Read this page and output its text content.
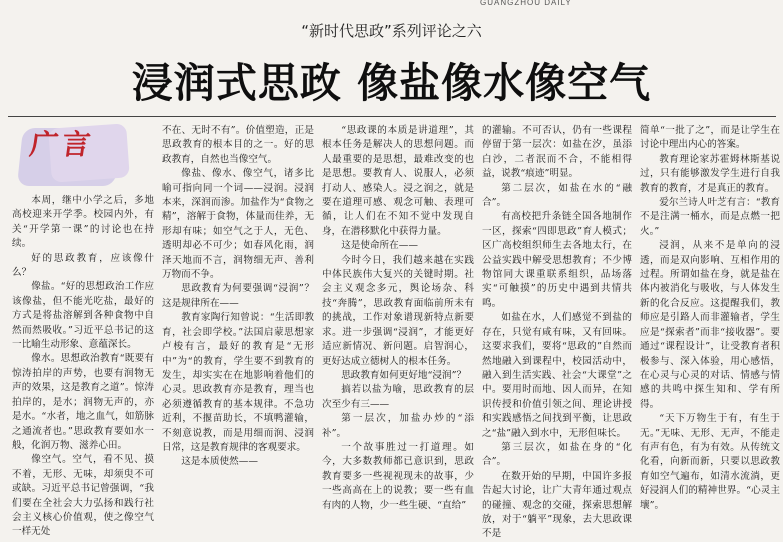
GUANGZHOU DAILY
“新时代思政”系列评论之六
浸润式思政 像盐像水像空气
广言

本周，继中小学之后，多地高校迎来开学季。校园内外，有关“开学第一课”的讨论也在持续。

好的思政教育，应该像什么？

像盐。“好的思想政治工作应该像盐，但不能光吃盐，最好的方式是将盐溶解到各种食物中自然而然吸收。”习近平总书记的这一比喻生动形象、意蕴深长。

像水。思想政治教育“既要有惊涛拍岸的声势，也要有润物无声的效果，这是教育之道”。惊涛拍岸的，是水；润物无声的，亦是水。“水者，地之血气，如筋脉之通流者也。”思政教育要如水一般，化润万物、滋养心田。

像空气。空气，看不见、摸不着，无形、无味，却须臾不可或缺。习近平总书记曾强调，“我们要在全社会大力弘扬和践行社会主义核心价值观，使之像空气一样无处

不在、无时不有”。价值塑造，正是思政教育的根本目的之一。好的思政教育，自然也当像空气。

像盐、像水、像空气，诸多比喻可指向同一个词——浸润。浸润本来，深润而渗。加盐作为“食物之精”，溶解于食物，体量而佳养，无形却有味；如空气之于人，无色、透明却必不可少；如春风化雨，润泽天地而不言，润物细无声、善利万物而不争。

思政教育为何要强调“浸润”？这是规律所在——

教育家陶行知曾说：“生活即教育，社会即学校。”法国启蒙思想家卢梭有言，最好的教育是“无形中”为“的教育，学生要不到教育的发生，却实实在在地影响着他们的心灵。思政教育亦是教育，理当也必须遵循教育的基本规律。不急功近利，不揠苗助长，不填鸭灌输，不刻意说教，而是用细而润、浸润日常，这是教育规律的客观要求。

这是本质使然——

“思政课的本质是讲道理”，其根本任务是解决人的思想问题。而人最重要的是思想，最难改变的也是思想。要教育人、说服人，必须打动人、感染人。浸之润之，就是要在道理可感、观念可触、表理可循，让人们在不知不觉中发现自身，在潜移默化中获得力量。

这是使命所在——

今时今日，我们越来越在实践中体民族伟大复兴的关键时期。社会主义观念多元，舆论场杂、科技“奔腾”，思政教育面临前所未有的挑战，工作对象谱现新特点新要求。进一步强调“浸润”，才能更好适应新情况、新问题。启智润心，更好达成立德树人的根本任务。

思政教育如何更好地“浸润”？

搞若以盐为喻，思政教育的层次至少有三——

第一层次，加盐办炒的“添补”。

一个故事胜过一打道理。如今，大多数教师都已意识到，思政教育要多一些视视现未的故事，少一些高高在上的说教；要一些有血有肉的人物，少一些生硬、“直给”

的灌输。不可否认，仍有一些课程停留于第一层次：如盐在汐，虽添白沙，二者泯而不合，不能相得益，说教“痕迹”明显。

第二层次，如盐在水的“融合”。

有高校把升条链全国各地制作一区，探索“四即思政”育人模式；区广高校组织师生去各地太行，在公益实践中解受思想教育；不少博物馆同大课重联系组织，品场落实“可触摸”的历史中遇到共情共鸣。

如盐在水，人们感觉不到盐的存在，只觉有咸有味，又有回味。这要求我们，要将“思政的”自然而然地融入到课程中，校园活动中，融入到生活实践、社会“大课堂”之中。要用时而地、因人而异，在知识传授和价值引领之间、理论讲授和实践感悟之间找到平衡，让思政之“盐”融入到水中，无形但味长。

第三层次，如盐在身的“化合”。

在数开始的早期，中国许多报告起大讨论，让广大青年通过观点的碰撞、观念的交碰，探索思想解放，对于“躺平”现象，去大思政课不是

简单“一批了之”，而是让学生在讨论中理出内心的答案。

教育理论家苏霍姆林斯基说过，只有能够激发学生进行自我教育的教育，才是真正的教育。

爱尔兰诗人叶芝有言：“教育不是注满一桶水，而是点燃一把火。”

浸润，从来不是单向的浸透，而是双向影响、互相作用的过程。所谓如盐在身，就是盐在体内被消化与吸收，与人体发生新的化合反应。这提醒我们，教师应是引路人而非灌输者，学生应是“探索者”而非“接收器”。要通过“课程设计”，让受教育者积极参与、深入体验，用心感悟，在心灵与心灵的对话、情感与情感的共鸣中探生知和、学有所得。

“天下万物生于有，有生于无。”无味、无形、无声，不能走有声有色，有为有效。从传统文化看，向新而新，只要以思政教育如空气遍布，如清水流淌，更好浸润人们的精神世界。“心灵主壤”。
